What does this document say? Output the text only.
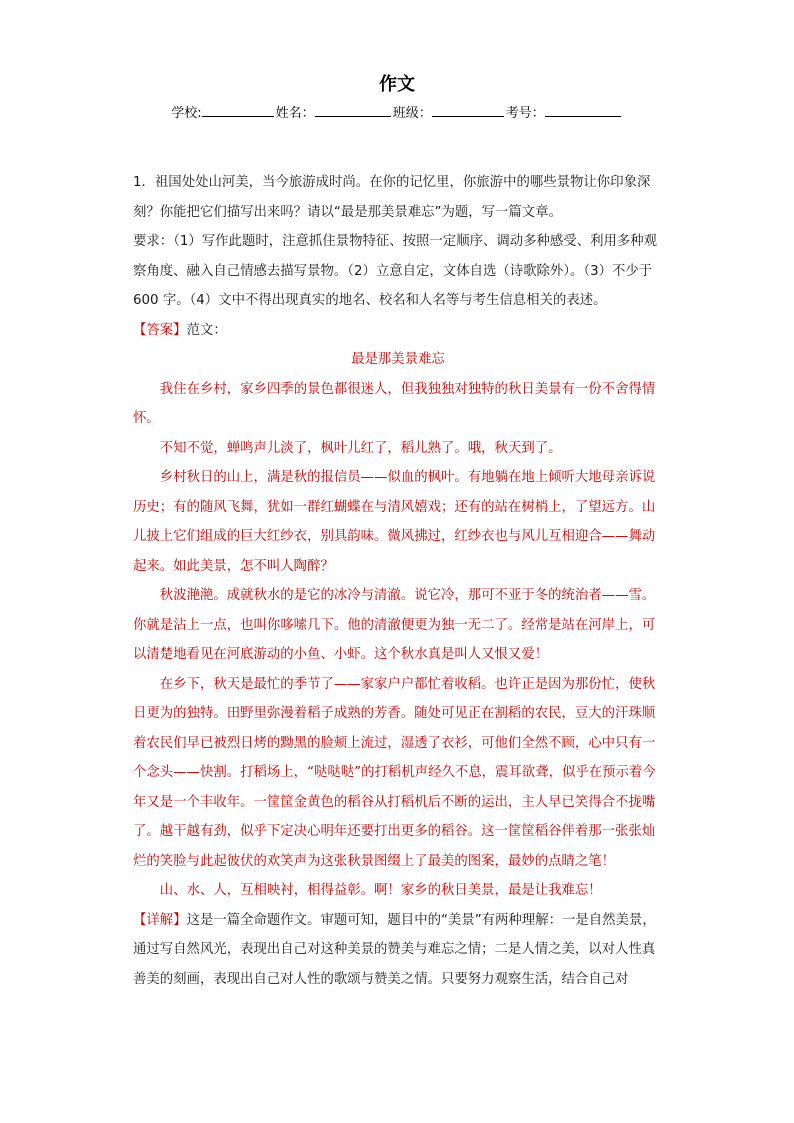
作文
学校:	姓名：	班级：	考号：

1．祖国处处山河美，当今旅游成时尚。在你的记忆里，你旅游中的哪些景物让你印象深刻？你能把它们描写出来吗？请以“最是那美景难忘”为题，写一篇文章。

要求：（1）写作此题时，注意抓住景物特征、按照一定顺序、调动多种感受、利用多种观察角度、融入自己情感去描写景物。（2）立意自定，文体自选（诗歌除外）。（3）不少于 600 字。（4）文中不得出现真实的地名、校名和人名等与考生信息相关的表述。

【答案】范文：

最是那美景难忘

我住在乡村，家乡四季的景色都很迷人，但我独独对独特的秋日美景有一份不舍得情怀。

不知不觉，蝉鸣声儿淡了，枫叶儿红了，稻儿熟了。哦，秋天到了。

乡村秋日的山上，满是秋的报信员——似血的枫叶。有地躺在地上倾听大地母亲诉说历史；有的随风飞舞，犹如一群红蝴蝶在与清风嬉戏；还有的站在树梢上，了望远方。山儿披上它们组成的巨大红纱衣，别具韵味。微风拂过，红纱衣也与风儿互相迎合——舞动起来。如此美景，怎不叫人陶醉？

秋波滟滟。成就秋水的是它的冰冷与清澈。说它冷，那可不亚于冬的统治者——雪。你就是沾上一点，也叫你哆嗦几下。他的清澈便更为独一无二了。经常是站在河岸上，可以清楚地看见在河底游动的小鱼、小虾。这个秋水真是叫人又恨又爱！

在乡下，秋天是最忙的季节了——家家户户都忙着收稻。也许正是因为那份忙，使秋日更为的独特。田野里弥漫着稻子成熟的芳香。随处可见正在割稻的农民，豆大的汗珠顺着农民们早已被烈日烤的黝黑的脸颊上流过，湿透了衣衫，可他们全然不顾，心中只有一个念头——快割。打稻场上，“哒哒哒”的打稻机声经久不息，震耳欲聋，似乎在预示着今年又是一个丰收年。一筐筐金黄色的稻谷从打稻机后不断的运出，主人早已笑得合不拢嘴了。越干越有劲，似乎下定决心明年还要打出更多的稻谷。这一筐筐稻谷伴着那一张张灿烂的笑脸与此起彼伏的欢笑声为这张秋景图缀上了最美的图案，最妙的点睛之笔！

山、水、人，互相映衬，相得益彰。啊！家乡的秋日美景，最是让我难忘！

【详解】这是一篇全命题作文。审题可知，题目中的“美景”有两种理解：一是自然美景，通过写自然风光，表现出自己对这种美景的赞美与难忘之情；二是人情之美，以对人性真善美的刻画，表现出自己对人性的歌颂与赞美之情。只要努力观察生活，结合自己对
